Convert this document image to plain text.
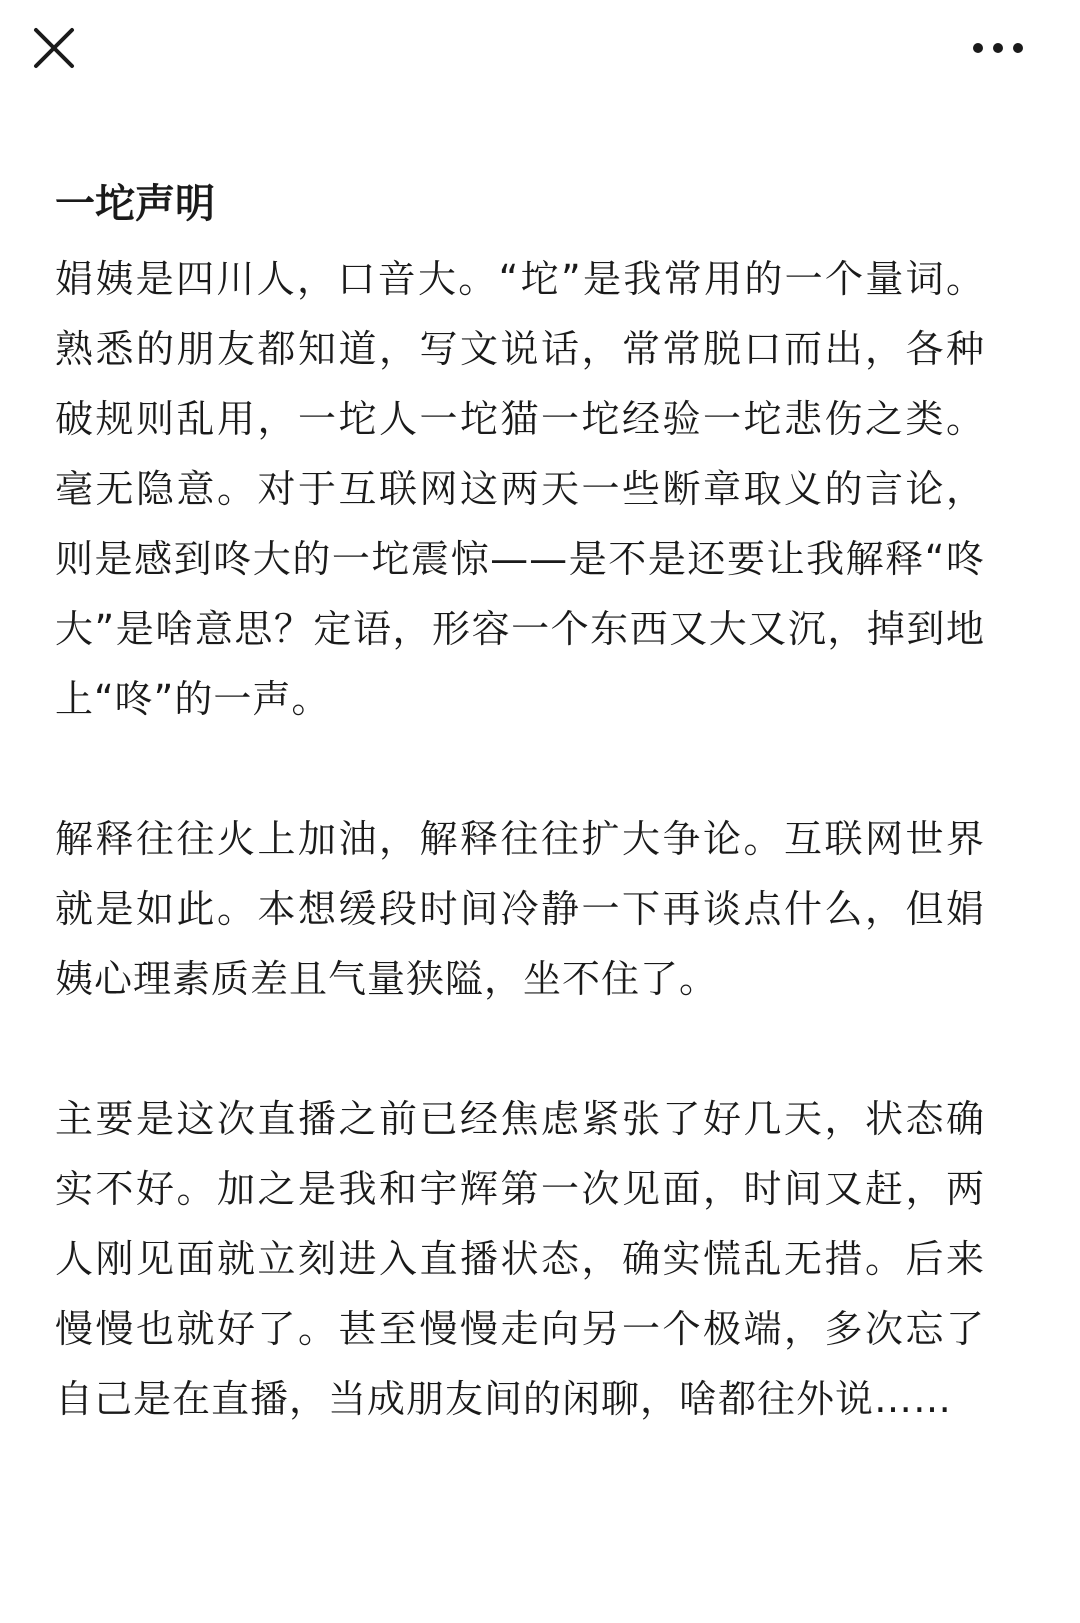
一坨声明

娟姨是四川人，口音大。“坨”是我常用的一个量词。熟悉的朋友都知道，写文说话，常常脱口而出，各种破规则乱用，一坨人一坨猫一坨经验一坨悲伤之类。毫无隐意。对于互联网这两天一些断章取义的言论，则是感到咚大的一坨震惊——是不是还要让我解释“咚大”是啥意思？定语，形容一个东西又大又沉，掉到地上“咚”的一声。

解释往往火上加油，解释往往扩大争论。互联网世界就是如此。本想缓段时间冷静一下再谈点什么，但娟姨心理素质差且气量狭隘，坐不住了。

主要是这次直播之前已经焦虑紧张了好几天，状态确实不好。加之是我和宇辉第一次见面，时间又赶，两人刚见面就立刻进入直播状态，确实慌乱无措。后来慢慢也就好了。甚至慢慢走向另一个极端，多次忘了自己是在直播，当成朋友间的闲聊，啥都往外说……
